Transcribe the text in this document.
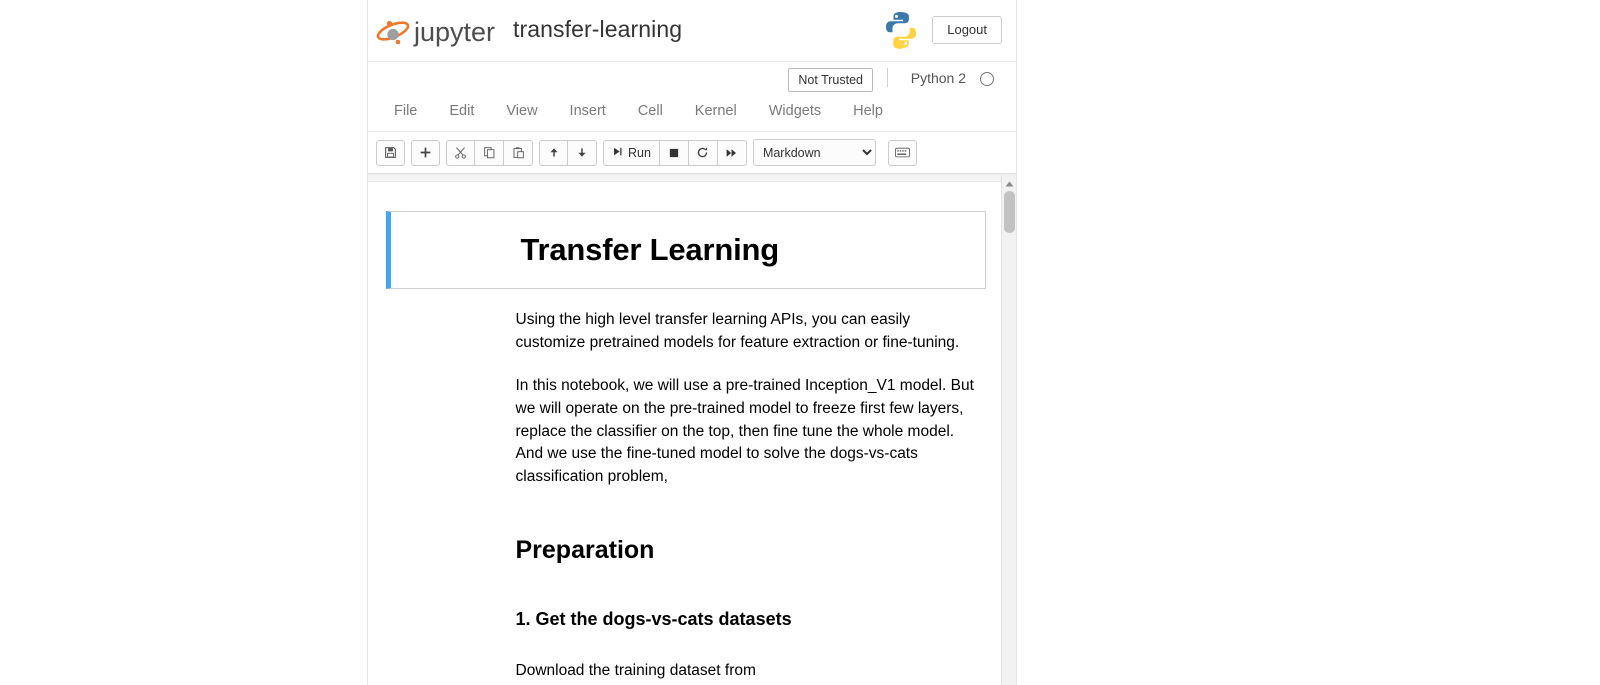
jupyter transfer-learning	Logout
Not Trusted	Python 2
File	Edit	View	Insert	Cell	Kernel	Widgets	Help
Run
Markdown
Transfer Learning

Using the high level transfer learning APIs, you can easily customize pretrained models for feature extraction or fine-tuning.

In this notebook, we will use a pre-trained Inception_V1 model. But we will operate on the pre-trained model to freeze first few layers, replace the classifier on the top, then fine tune the whole model. And we use the fine-tuned model to solve the dogs-vs-cats classification problem,

Preparation
1. Get the dogs-vs-cats datasets

Download the training dataset from
